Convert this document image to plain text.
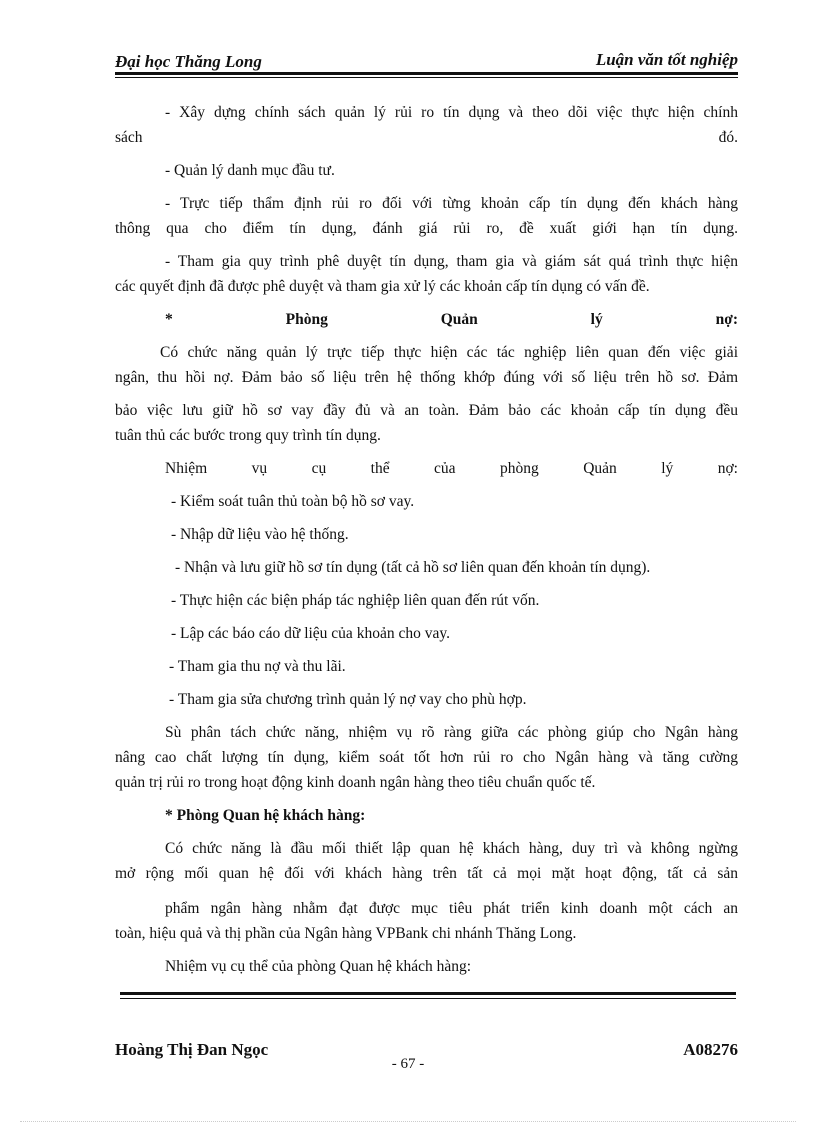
Đại học Thăng Long	Luận văn tốt nghiệp

- Xây dựng chính sách quản lý rủi ro tín dụng và theo dõi việc thực hiện chính

sách đó.

- Quản lý danh mục đầu tư.

- Trực tiếp thẩm định rủi ro đối với từng khoản cấp tín dụng đến khách hàng

thông qua cho điểm tín dụng, đánh giá rủi ro, đề xuất giới hạn tín dụng.

- Tham gia quy trình phê duyệt tín dụng, tham gia và giám sát quá trình thực hiện

các quyết định đã được phê duyệt và tham gia xử lý các khoản cấp tín dụng có vấn đề.

* Phòng Quản lý nợ:

Có chức năng quản lý trực tiếp thực hiện các tác nghiệp liên quan đến việc giải

ngân, thu hồi nợ. Đảm bảo số liệu trên hệ thống khớp đúng với số liệu trên hồ sơ. Đảm

bảo việc lưu giữ hồ sơ vay đầy đủ và an toàn. Đảm bảo các khoản cấp tín dụng đều

tuân thủ các bước trong quy trình tín dụng.

Nhiệm vụ cụ thể của phòng Quản lý nợ:

- Kiểm soát tuân thủ toàn bộ hồ sơ vay.

- Nhập dữ liệu vào hệ thống.

- Nhận và lưu giữ hồ sơ tín dụng (tất cả hồ sơ liên quan đến khoản tín dụng).

- Thực hiện các biện pháp tác nghiệp liên quan đến rút vốn.

- Lập các báo cáo dữ liệu của khoản cho vay.

- Tham gia thu nợ và thu lãi.

- Tham gia sửa chương trình quản lý nợ vay cho phù hợp.

Sù phân tách chức năng, nhiệm vụ rõ ràng giữa các phòng giúp cho Ngân hàng

nâng cao chất lượng tín dụng, kiểm soát tốt hơn rủi ro cho Ngân hàng và tăng cường

quản trị rủi ro trong hoạt động kinh doanh ngân hàng theo tiêu chuẩn quốc tế.

* Phòng Quan hệ khách hàng:

Có chức năng là đầu mối thiết lập quan hệ khách hàng, duy trì và không ngừng

mở rộng mối quan hệ đối với khách hàng trên tất cả mọi mặt hoạt động, tất cả sản

phẩm ngân hàng nhằm đạt được mục tiêu phát triển kinh doanh một cách an

toàn, hiệu quả và thị phần của Ngân hàng VPBank chi nhánh Thăng Long.

Nhiệm vụ cụ thể của phòng Quan hệ khách hàng:

Hoàng Thị Đan Ngọc	A08276
- 67 -
